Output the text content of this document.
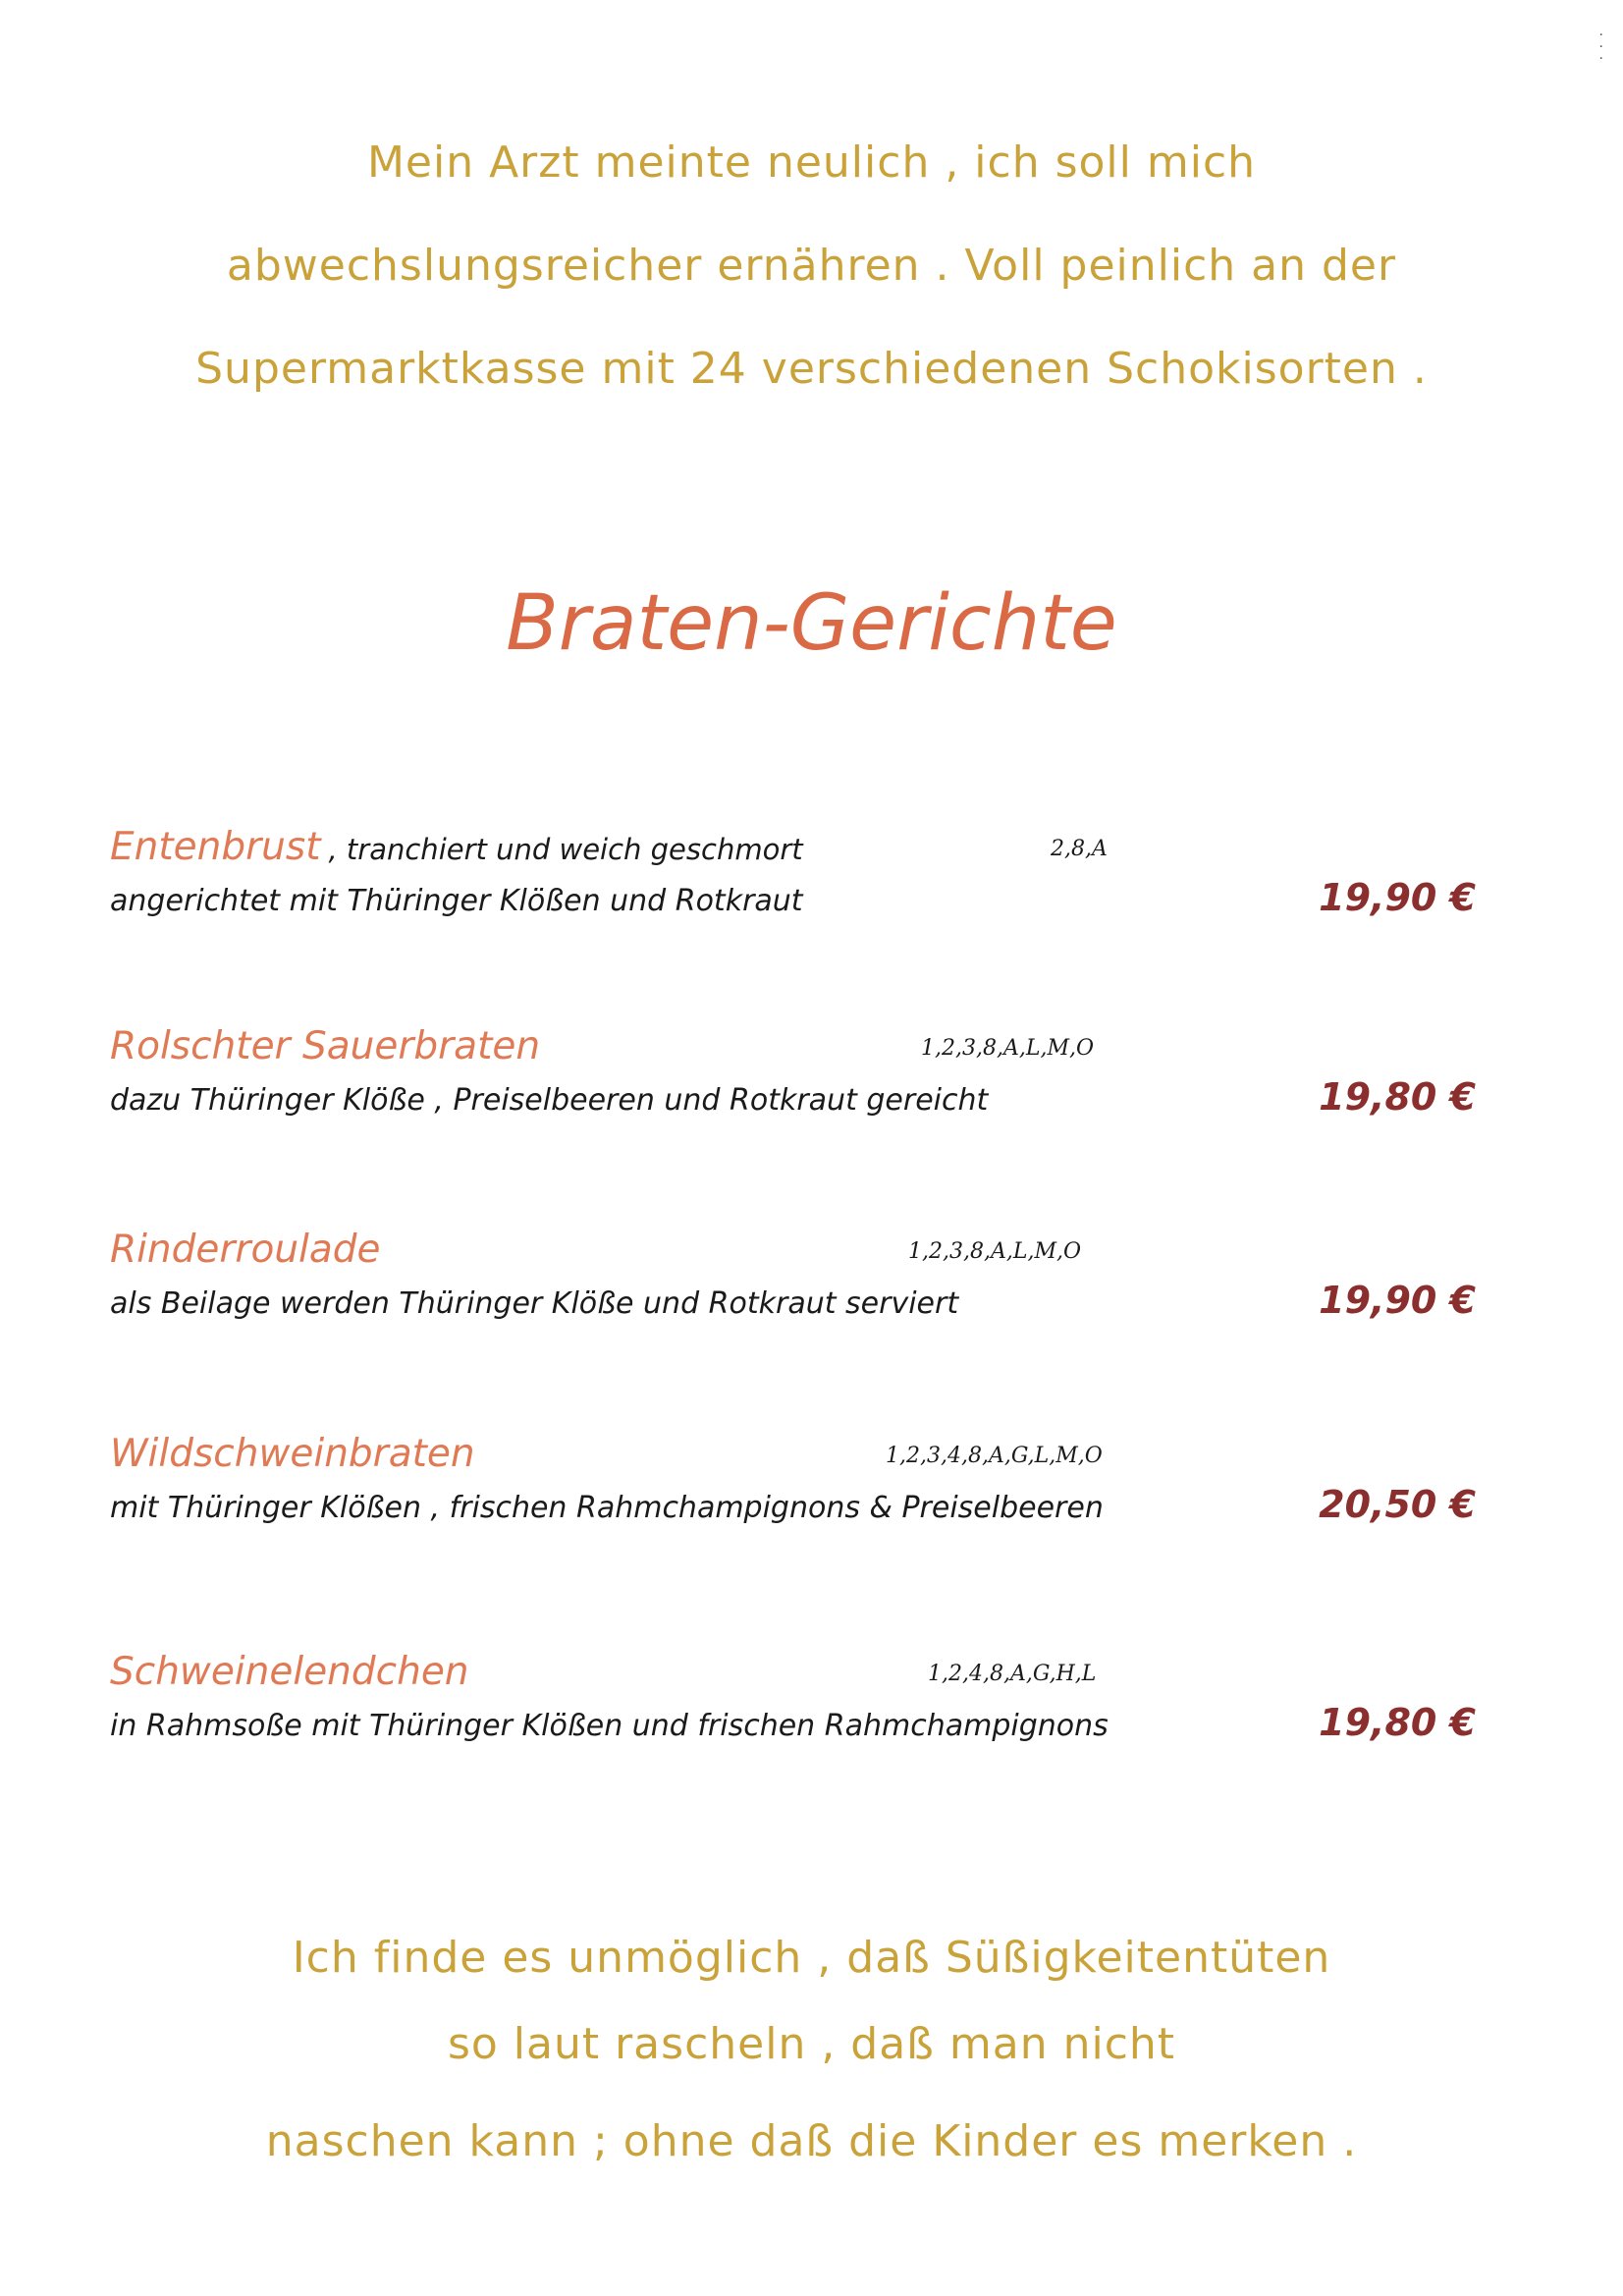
·
·
·
Mein Arzt meinte neulich , ich soll mich
abwechslungsreicher ernähren . Voll peinlich an der
Supermarktkasse mit 24 verschiedenen Schokisorten .
Braten-Gerichte
Entenbrust , tranchiert und weich geschmort	2,8,A
angerichtet mit Thüringer Klößen und Rotkraut	19,90 €
Rolschter Sauerbraten	1,2,3,8,A,L,M,O
dazu Thüringer Klöße , Preiselbeeren und Rotkraut gereicht	19,80 €
Rinderroulade	1,2,3,8,A,L,M,O
als Beilage werden Thüringer Klöße und Rotkraut serviert	19,90 €
Wildschweinbraten	1,2,3,4,8,A,G,L,M,O
mit Thüringer Klößen , frischen Rahmchampignons & Preiselbeeren	20,50 €
Schweinelendchen	1,2,4,8,A,G,H,L
in Rahmsoße mit Thüringer Klößen und frischen Rahmchampignons	19,80 €
Ich finde es unmöglich , daß Süßigkeitentüten
so laut rascheln , daß man nicht
naschen kann ; ohne daß die Kinder es merken .
